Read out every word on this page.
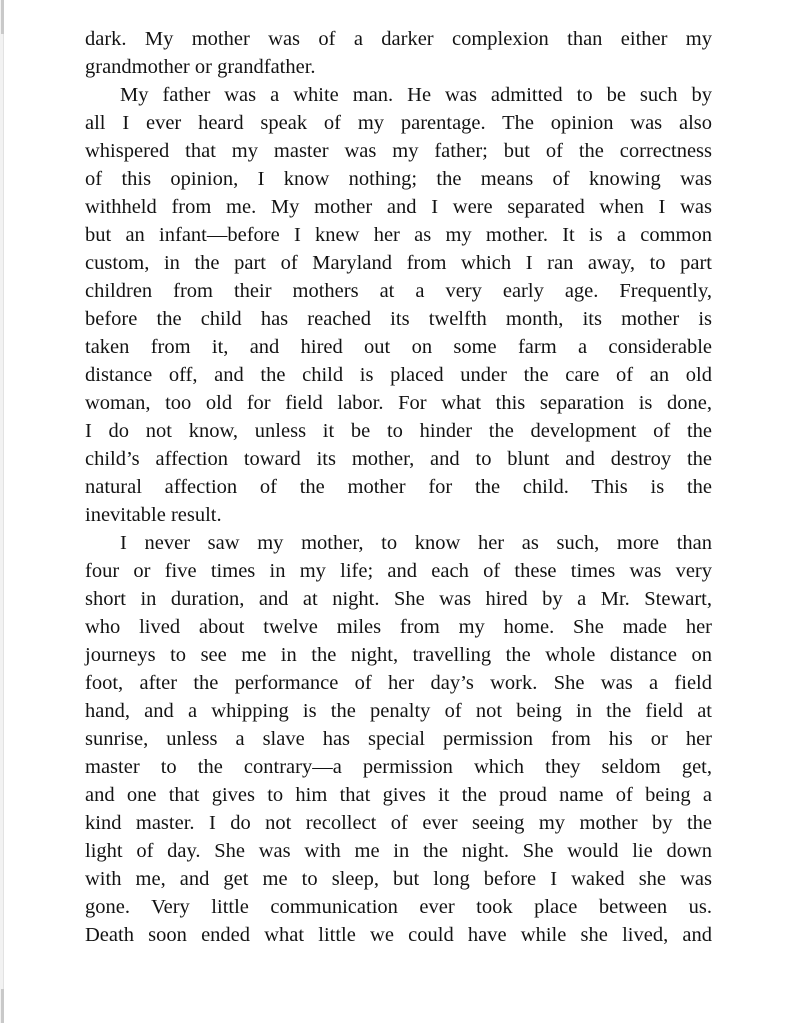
dark. My mother was of a darker complexion than either my
grandmother or grandfather.
My father was a white man. He was admitted to be such by
all I ever heard speak of my parentage. The opinion was also
whispered that my master was my father; but of the correctness
of this opinion, I know nothing; the means of knowing was
withheld from me. My mother and I were separated when I was
but an infant—before I knew her as my mother. It is a common
custom, in the part of Maryland from which I ran away, to part
children from their mothers at a very early age. Frequently,
before the child has reached its twelfth month, its mother is
taken from it, and hired out on some farm a considerable
distance off, and the child is placed under the care of an old
woman, too old for field labor. For what this separation is done,
I do not know, unless it be to hinder the development of the
child’s affection toward its mother, and to blunt and destroy the
natural affection of the mother for the child. This is the
inevitable result.
I never saw my mother, to know her as such, more than
four or five times in my life; and each of these times was very
short in duration, and at night. She was hired by a Mr. Stewart,
who lived about twelve miles from my home. She made her
journeys to see me in the night, travelling the whole distance on
foot, after the performance of her day’s work. She was a field
hand, and a whipping is the penalty of not being in the field at
sunrise, unless a slave has special permission from his or her
master to the contrary—a permission which they seldom get,
and one that gives to him that gives it the proud name of being a
kind master. I do not recollect of ever seeing my mother by the
light of day. She was with me in the night. She would lie down
with me, and get me to sleep, but long before I waked she was
gone. Very little communication ever took place between us.
Death soon ended what little we could have while she lived, and
